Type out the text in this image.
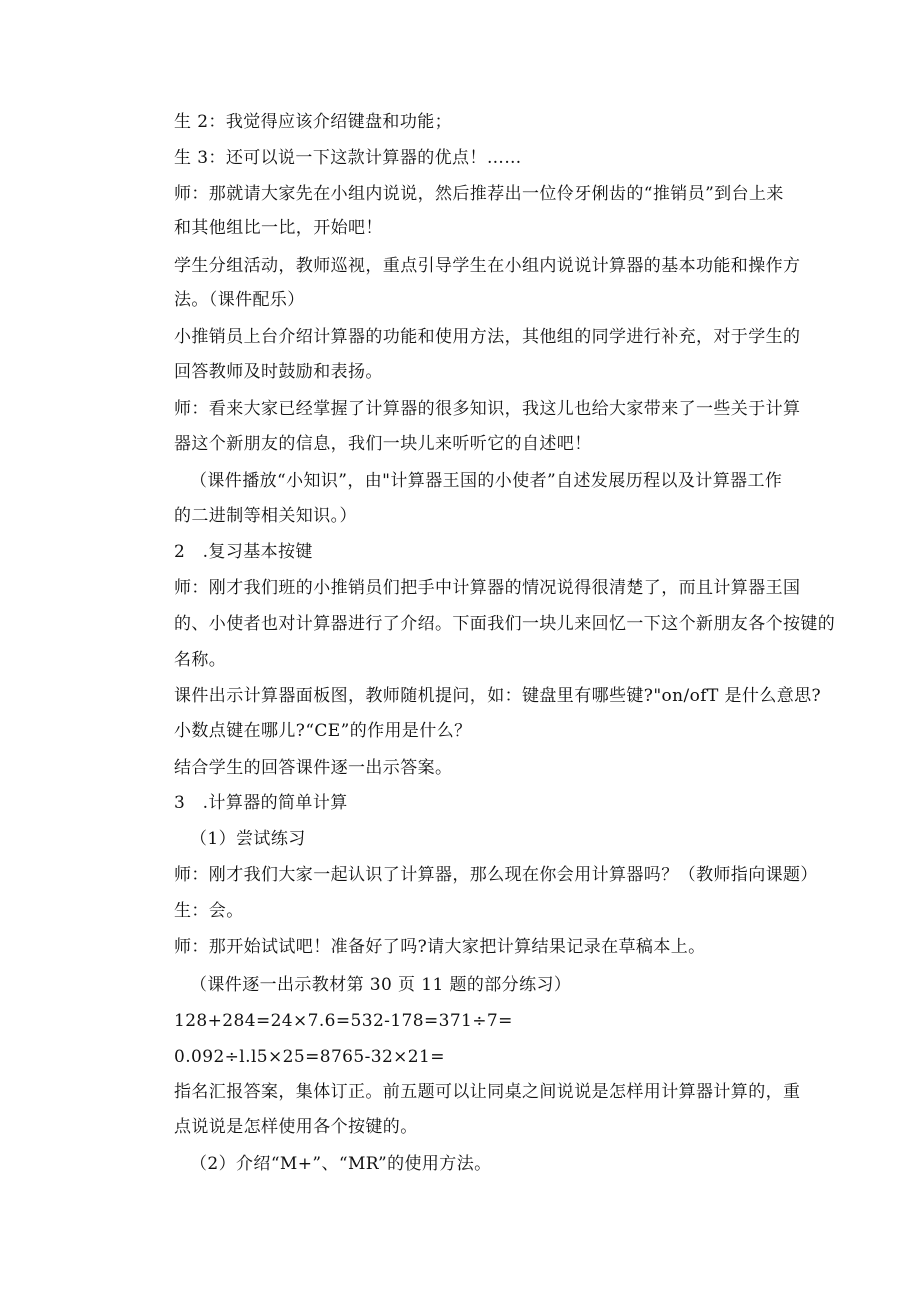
生 2：我觉得应该介绍键盘和功能；
生 3：还可以说一下这款计算器的优点！……
师：那就请大家先在小组内说说，然后推荐出一位伶牙俐齿的“推销员”到台上来
和其他组比一比，开始吧！
学生分组活动，教师巡视，重点引导学生在小组内说说计算器的基本功能和操作方
法。（课件配乐）
小推销员上台介绍计算器的功能和使用方法，其他组的同学进行补充，对于学生的
回答教师及时鼓励和表扬。
师：看来大家已经掌握了计算器的很多知识，我这儿也给大家带来了一些关于计算
器这个新朋友的信息，我们一块儿来听听它的自述吧！
（课件播放“小知识”，由"计算器王国的小使者”自述发展历程以及计算器工作
的二进制等相关知识。）
2　.复习基本按键
师：刚才我们班的小推销员们把手中计算器的情况说得很清楚了，而且计算器王国
的、小使者也对计算器进行了介绍。下面我们一块儿来回忆一下这个新朋友各个按键的
名称。
课件出示计算器面板图，教师随机提问，如：键盘里有哪些键?"on/ofT 是什么意思?
小数点键在哪儿?“CE”的作用是什么？
结合学生的回答课件逐一出示答案。
3　.计算器的简单计算
（1）尝试练习
师：刚才我们大家一起认识了计算器，那么现在你会用计算器吗？（教师指向课题）
生：会。
师：那开始试试吧！准备好了吗?请大家把计算结果记录在草稿本上。
（课件逐一出示教材第 30 页 11 题的部分练习）
128+284=24×7.6=532-178=371÷7=
0.092÷l.l5×25=8765-32×21=
指名汇报答案，集体订正。前五题可以让同桌之间说说是怎样用计算器计算的，重
点说说是怎样使用各个按键的。
（2）介绍“M+”、“MR”的使用方法。
